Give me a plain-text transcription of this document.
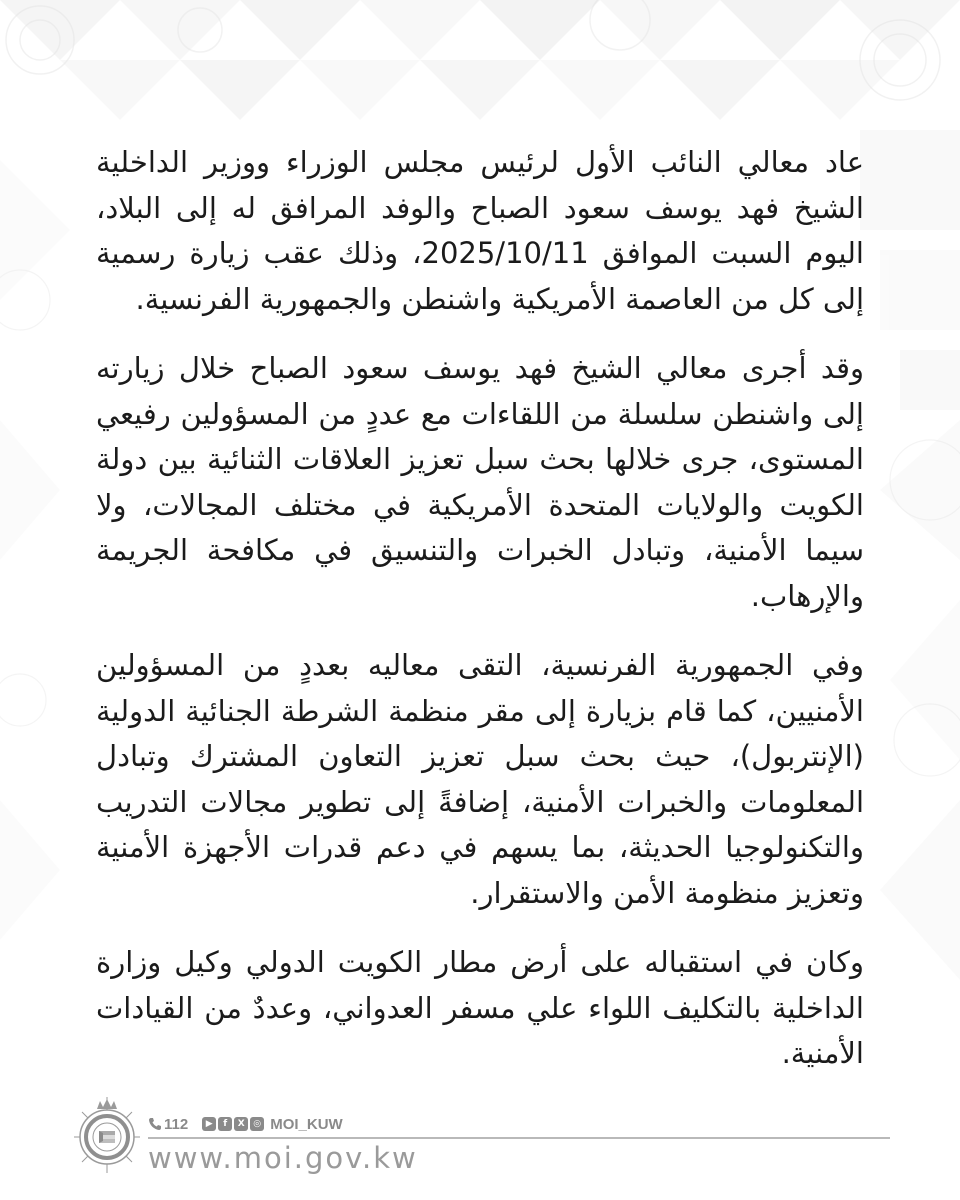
عاد معالي النائب الأول لرئيس مجلس الوزراء ووزير الداخلية الشيخ فهد يوسف سعود الصباح والوفد المرافق له إلى البلاد، اليوم السبت الموافق 2025/10/11، وذلك عقب زيارة رسمية إلى كل من العاصمة الأمريكية واشنطن والجمهورية الفرنسية.

وقد أجرى معالي الشيخ فهد يوسف سعود الصباح خلال زيارته إلى واشنطن سلسلة من اللقاءات مع عددٍ من المسؤولين رفيعي المستوى، جرى خلالها بحث سبل تعزيز العلاقات الثنائية بين دولة الكويت والولايات المتحدة الأمريكية في مختلف المجالات، ولا سيما الأمنية، وتبادل الخبرات والتنسيق في مكافحة الجريمة والإرهاب.

وفي الجمهورية الفرنسية، التقى معاليه بعددٍ من المسؤولين الأمنيين، كما قام بزيارة إلى مقر منظمة الشرطة الجنائية الدولية (الإنتربول)، حيث بحث سبل تعزيز التعاون المشترك وتبادل المعلومات والخبرات الأمنية، إضافةً إلى تطوير مجالات التدريب والتكنولوجيا الحديثة، بما يسهم في دعم قدرات الأجهزة الأمنية وتعزيز منظومة الأمن والاستقرار.

وكان في استقباله على أرض مطار الكويت الدولي وكيل وزارة الداخلية بالتكليف اللواء علي مسفر العدواني، وعددٌ من القيادات الأمنية.

112	▶	f	X ◎ MOI_KUW
www.moi.gov.kw
